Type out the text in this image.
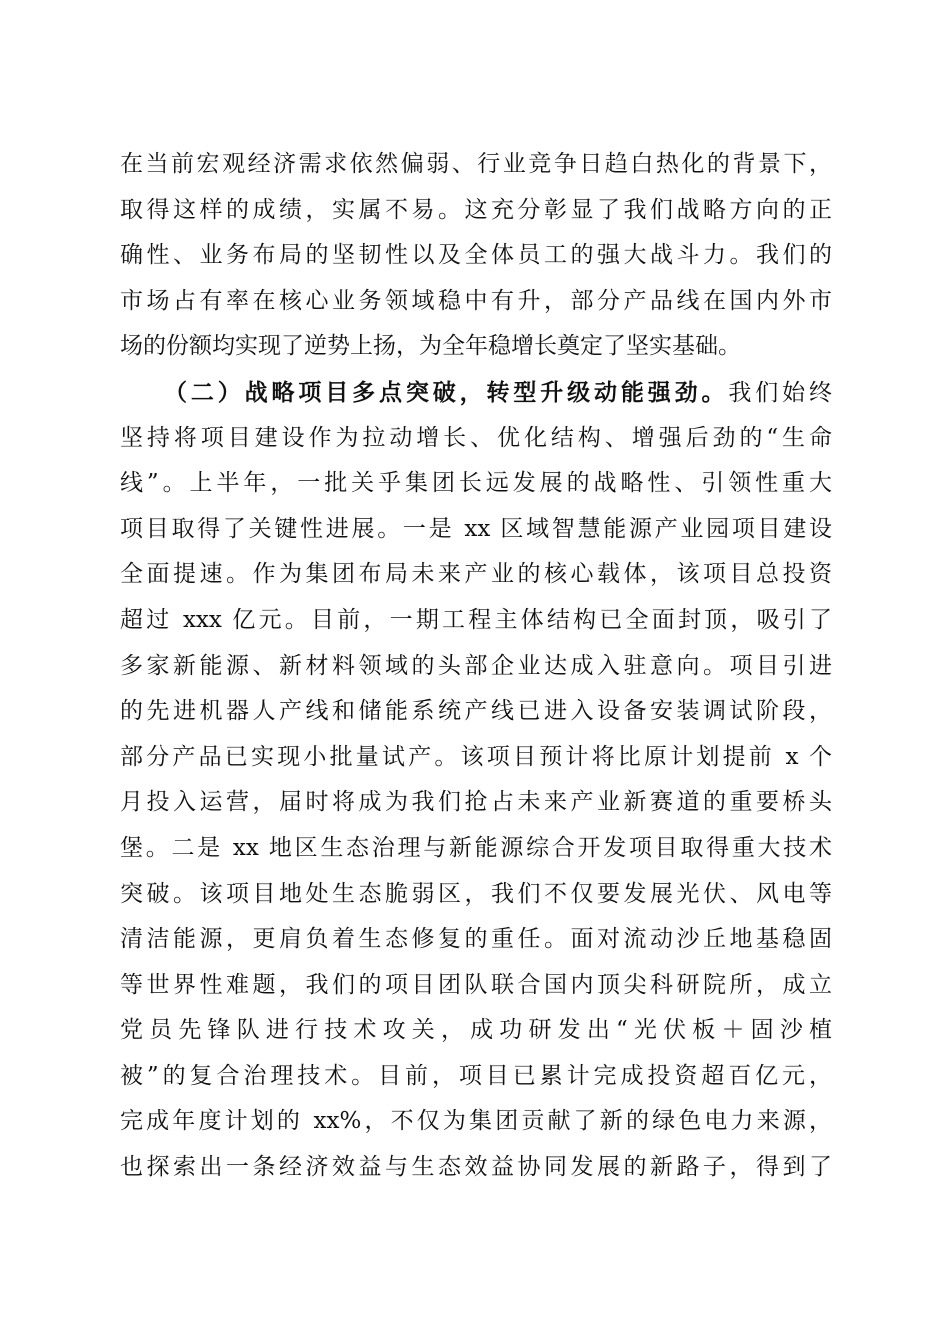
在当前宏观经济需求依然偏弱、行业竞争日趋白热化的背景下，
取得这样的成绩，实属不易。这充分彰显了我们战略方向的正
确性、业务布局的坚韧性以及全体员工的强大战斗力。我们的
市场占有率在核心业务领域稳中有升，部分产品线在国内外市
场的份额均实现了逆势上扬，为全年稳增长奠定了坚实基础。
（二）战略项目多点突破，转型升级动能强劲。我们始终
坚持将项目建设作为拉动增长、优化结构、增强后劲的“生命
线”。上半年，一批关乎集团长远发展的战略性、引领性重大
项目取得了关键性进展。一是 xx 区域智慧能源产业园项目建设
全面提速。作为集团布局未来产业的核心载体，该项目总投资
超过 xxx 亿元。目前，一期工程主体结构已全面封顶，吸引了
多家新能源、新材料领域的头部企业达成入驻意向。项目引进
的先进机器人产线和储能系统产线已进入设备安装调试阶段，
部分产品已实现小批量试产。该项目预计将比原计划提前 x 个
月投入运营，届时将成为我们抢占未来产业新赛道的重要桥头
堡。二是 xx 地区生态治理与新能源综合开发项目取得重大技术
突破。该项目地处生态脆弱区，我们不仅要发展光伏、风电等
清洁能源，更肩负着生态修复的重任。面对流动沙丘地基稳固
等世界性难题，我们的项目团队联合国内顶尖科研院所，成立
党员先锋队进行技术攻关，成功研发出“光伏板＋固沙植
被”的复合治理技术。目前，项目已累计完成投资超百亿元，
完成年度计划的 xx%，不仅为集团贡献了新的绿色电力来源，
也探索出一条经济效益与生态效益协同发展的新路子，得到了
